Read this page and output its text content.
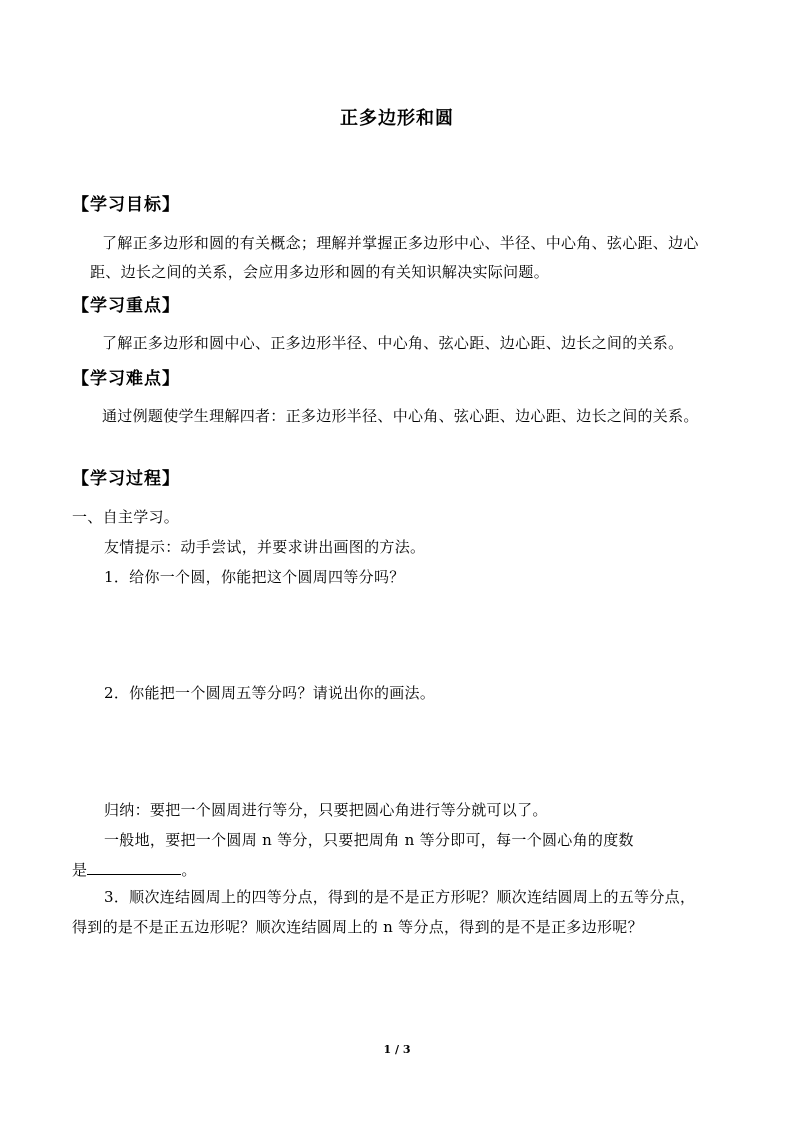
正多边形和圆
【学习目标】
了解正多边形和圆的有关概念；理解并掌握正多边形中心、半径、中心角、弦心距、边心距、边长之间的关系，会应用多边形和圆的有关知识解决实际问题。
【学习重点】
了解正多边形和圆中心、正多边形半径、中心角、弦心距、边心距、边长之间的关系。
【学习难点】
通过例题使学生理解四者：正多边形半径、中心角、弦心距、边心距、边长之间的关系。
【学习过程】
一、自主学习。
友情提示：动手尝试，并要求讲出画图的方法。
1．给你一个圆，你能把这个圆周四等分吗？
2．你能把一个圆周五等分吗？请说出你的画法。
归纳：要把一个圆周进行等分，只要把圆心角进行等分就可以了。
一般地，要把一个圆周 n 等分，只要把周角 n 等分即可，每一个圆心角的度数
是	。
3．顺次连结圆周上的四等分点，得到的是不是正方形呢？顺次连结圆周上的五等分点，
得到的是不是正五边形呢？顺次连结圆周上的 n 等分点，得到的是不是正多边形呢？
1 / 3
